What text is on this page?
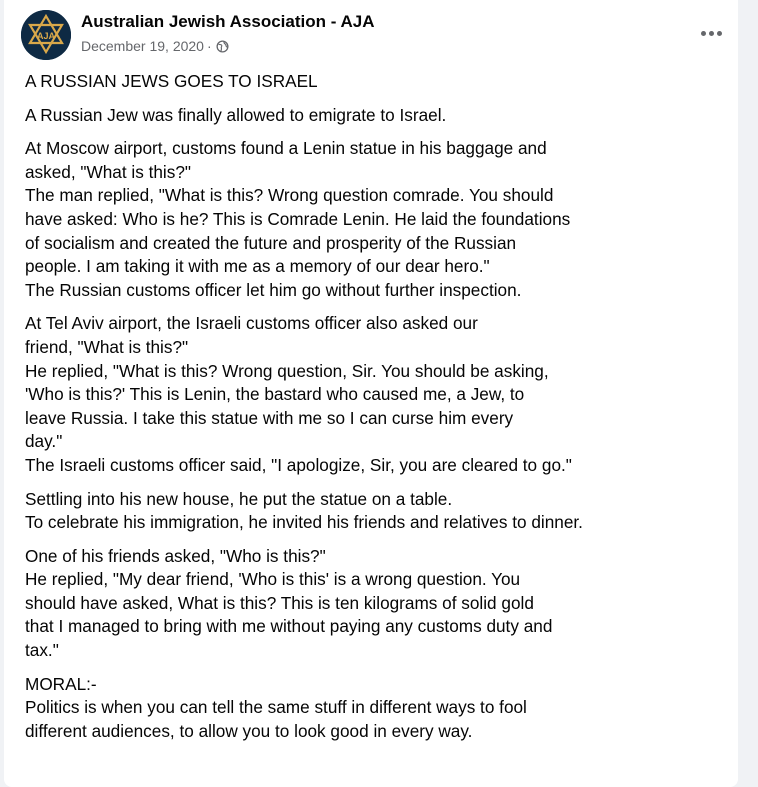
AJA
Australian Jewish Association - AJA
December 19, 2020 ·

A RUSSIAN JEWS GOES TO ISRAEL

A Russian Jew was finally allowed to emigrate to Israel.

At Moscow airport, customs found a Lenin statue in his baggage and
asked, "What is this?"
The man replied, "What is this? Wrong question comrade. You should
have asked: Who is he? This is Comrade Lenin. He laid the foundations
of socialism and created the future and prosperity of the Russian
people. I am taking it with me as a memory of our dear hero."
The Russian customs officer let him go without further inspection.

At Tel Aviv airport, the Israeli customs officer also asked our
friend, "What is this?"
He replied, "What is this? Wrong question, Sir. You should be asking,
'Who is this?' This is Lenin, the bastard who caused me, a Jew, to
leave Russia. I take this statue with me so I can curse him every
day."
The Israeli customs officer said, "I apologize, Sir, you are cleared to go."

Settling into his new house, he put the statue on a table.
To celebrate his immigration, he invited his friends and relatives to dinner.

One of his friends asked, "Who is this?"
He replied, "My dear friend, 'Who is this' is a wrong question. You
should have asked, What is this? This is ten kilograms of solid gold
that I managed to bring with me without paying any customs duty and
tax."

MORAL:-
Politics is when you can tell the same stuff in different ways to fool
different audiences, to allow you to look good in every way.
